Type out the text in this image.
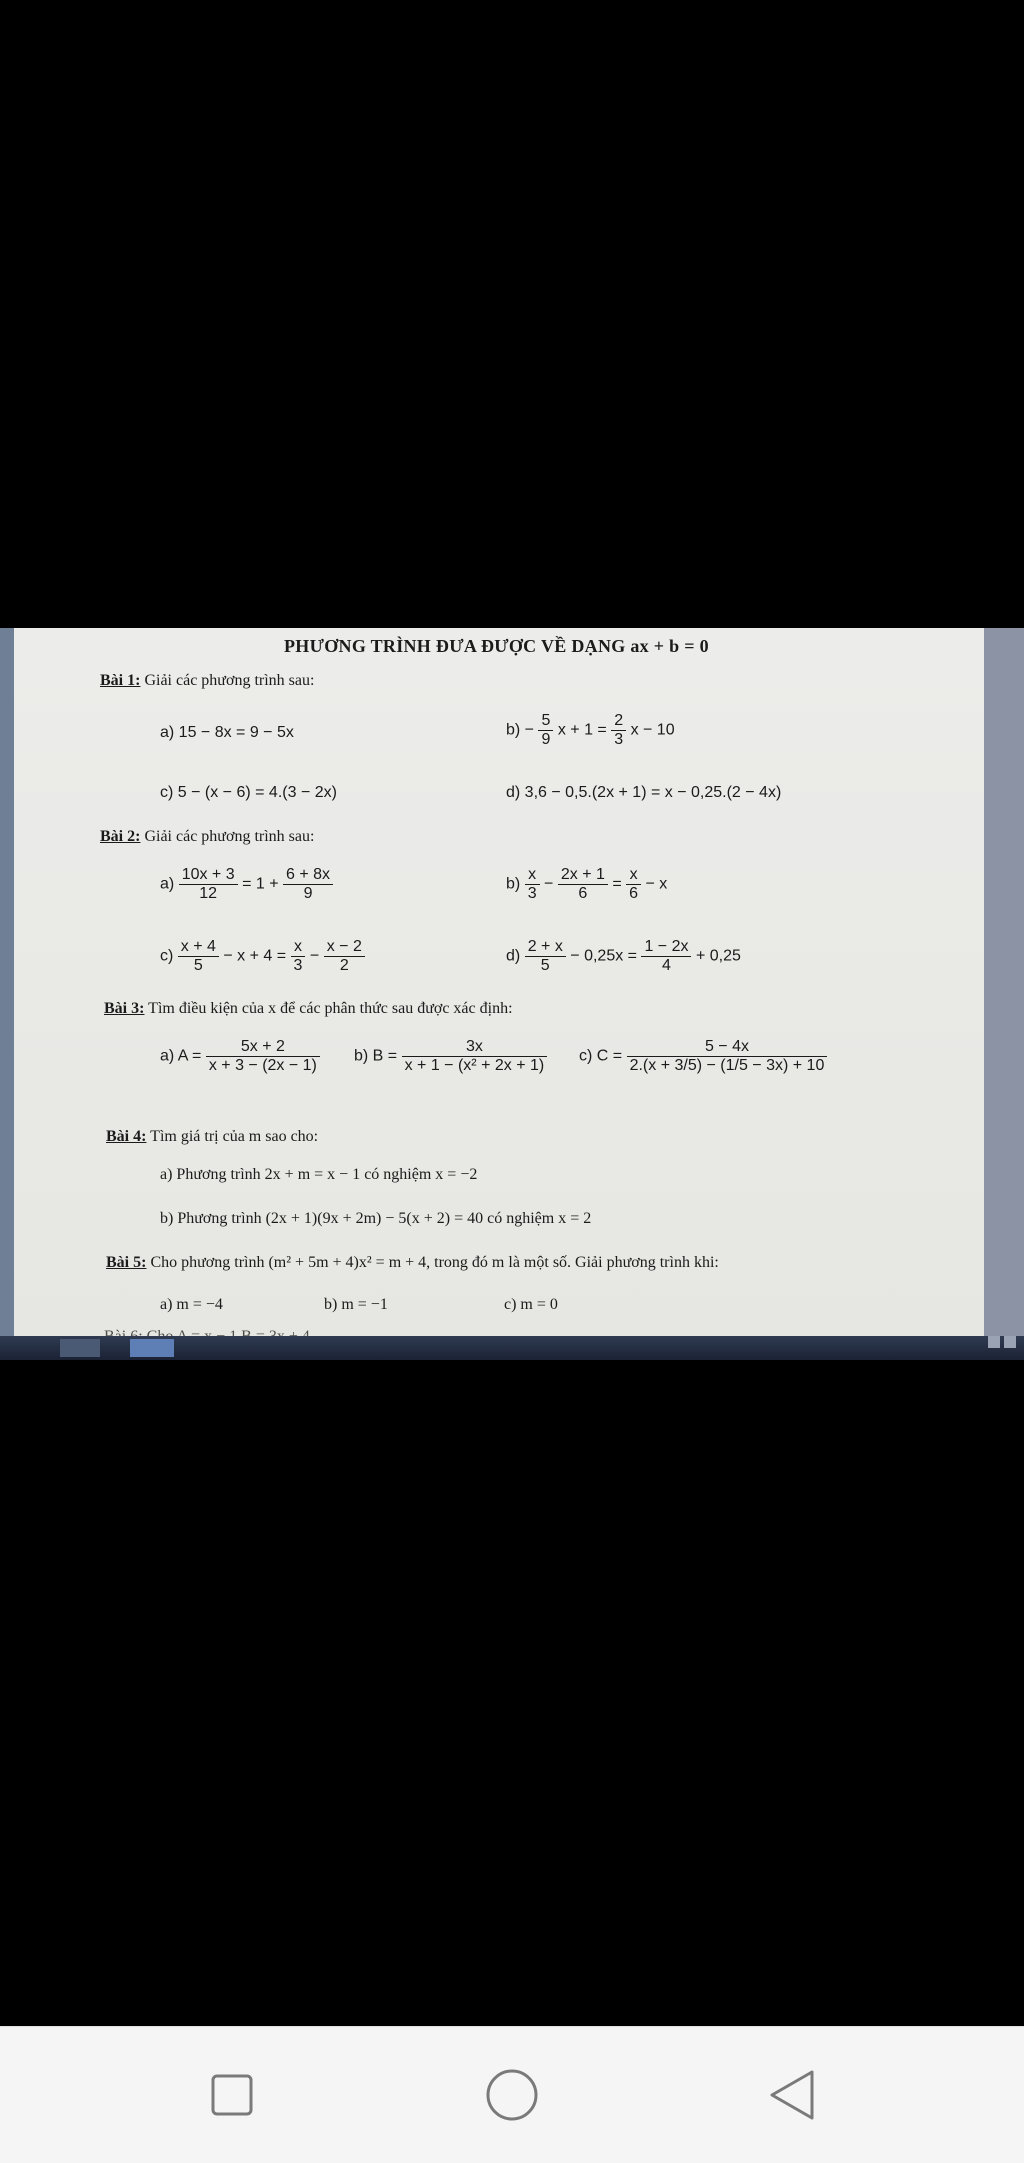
PHƯƠNG TRÌNH ĐƯA ĐƯỢC VỀ DẠNG ax + b = 0
Bài 1: Giải các phương trình sau:
a) 15 − 8x = 9 − 5x	$b) - \frac{5}{9}$ $x + 1 = \frac{2}{3}$ x − 10
c) 5 − (x − 6) = 4.(3 − 2x)	d) 3,6 − 0,5.(2x + 1) = x − 0,25.(2 − 4x)
Bài 2: Giải các phương trình sau:
$a) \frac{10x + 3}{12} = 1 + \frac{6 + 8x}{9}$	$b) \frac{x}{3} - \frac{2x + 1}{6} = \frac{x}{6} - x$
$c) \frac{x + 4}{5} - x + 4 = \frac{x}{3} - \frac{x - 2}{2}$	$d) \frac{2 + x}{5} - 0,25x = \frac{1 - 2x}{4} + 0,25$
Bài 3: Tìm điều kiện của x để các phân thức sau được xác định:
a) $A = \frac{5x + 2}{x + 3 - (2x - 1)} b$) $B = \frac{3x}{\text{x + 1 − (x² + 2x + 1)}} c$) $C = \frac{5 - 4x}{2.(x + 3/5) - (1/5 - 3x) + 10}$
Bài 4: Tìm giá trị của m sao cho:
a) Phương trình 2x + m = x − 1 có nghiệm x = −2
b) Phương trình (2x + 1)(9x + 2m) − 5(x + 2) = 40 có nghiệm x = 2
Bài 5: Cho phương trình (m² + 5m + 4)x² = m + 4, trong đó m là một số. Giải phương trình khi:
a) m = −4	b) m = −1	c) m = 0
